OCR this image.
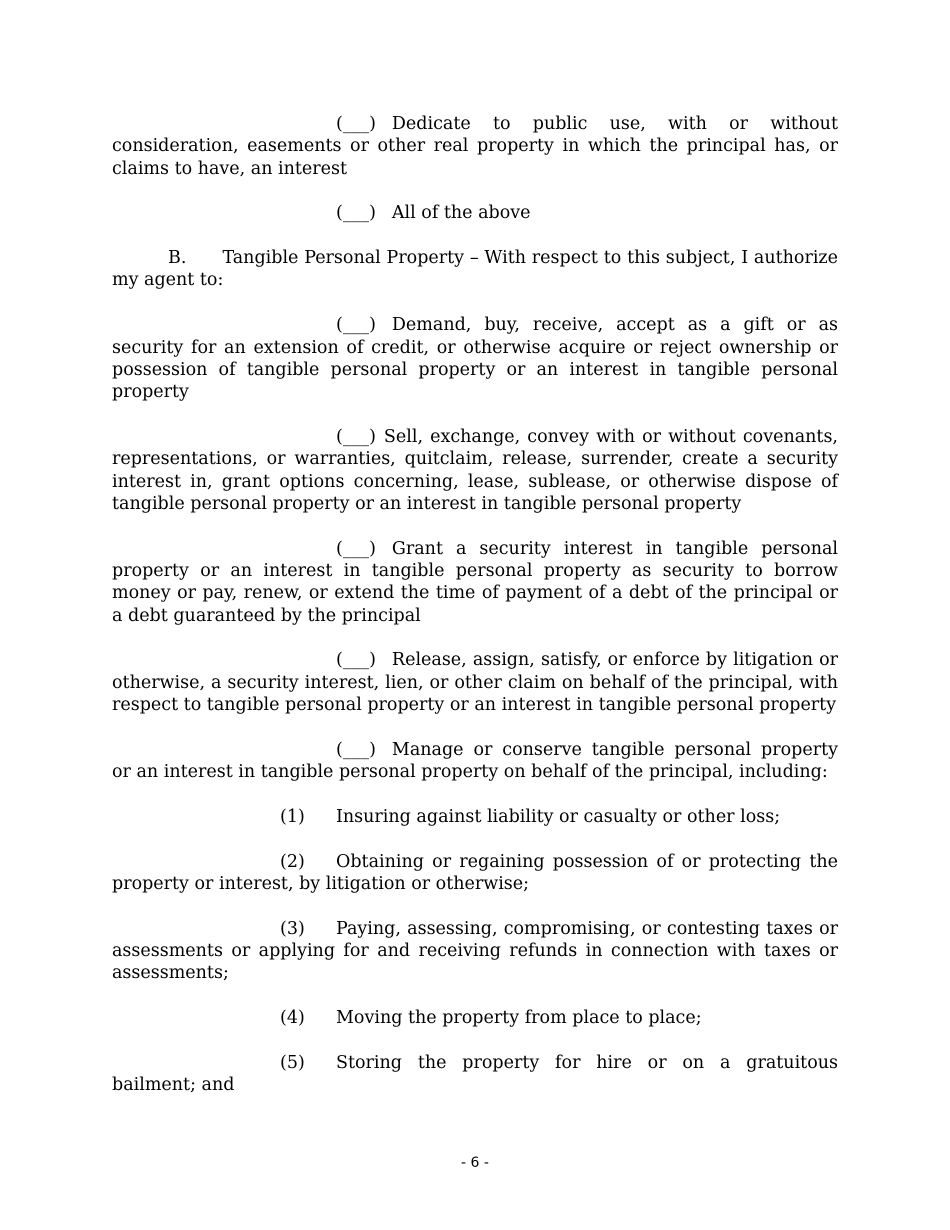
(___) Dedicate to public use, with or without consideration, easements or other real property in which the principal has, or claims to have, an interest

(___) All of the above

B. Tangible Personal Property – With respect to this subject, I authorize my agent to:

(___) Demand, buy, receive, accept as a gift or as security for an extension of credit, or otherwise acquire or reject ownership or possession of tangible personal property or an interest in tangible personal property

(___) Sell, exchange, convey with or without covenants, representations, or warranties, quitclaim, release, surrender, create a security interest in, grant options concerning, lease, sublease, or otherwise dispose of tangible personal property or an interest in tangible personal property

(___) Grant a security interest in tangible personal property or an interest in tangible personal property as security to borrow money or pay, renew, or extend the time of payment of a debt of the principal or a debt guaranteed by the principal

(___) Release, assign, satisfy, or enforce by litigation or otherwise, a security interest, lien, or other claim on behalf of the principal, with respect to tangible personal property or an interest in tangible personal property

(___) Manage or conserve tangible personal property or an interest in tangible personal property on behalf of the principal, including:

(1) Insuring against liability or casualty or other loss;

(2) Obtaining or regaining possession of or protecting the property or interest, by litigation or otherwise;

(3) Paying, assessing, compromising, or contesting taxes or assessments or applying for and receiving refunds in connection with taxes or assessments;

(4) Moving the property from place to place;

(5) Storing the property for hire or on a gratuitous bailment; and

- 6 -
